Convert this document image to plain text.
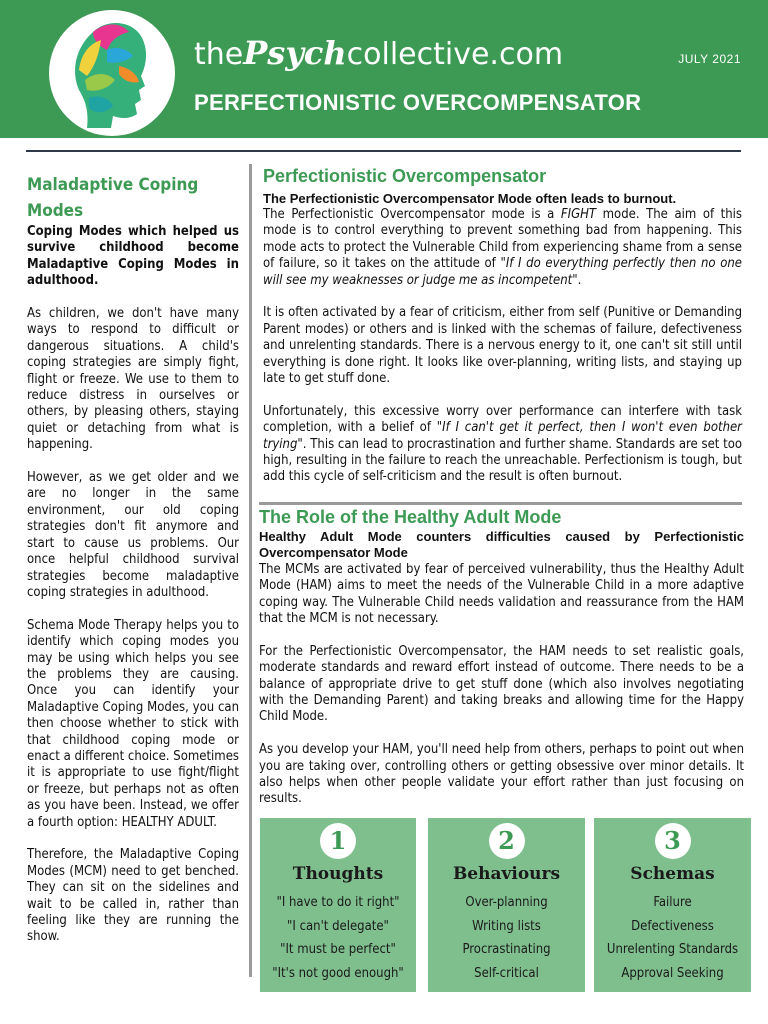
thePsychcollective.com	JULY 2021
PERFECTIONISTIC OVERCOMPENSATOR
Maladaptive Coping Modes
Coping Modes which helped us survive childhood become Maladaptive Coping Modes in adulthood.

As children, we don't have many ways to respond to difficult or dangerous situations. A child's coping strategies are simply fight, flight or freeze. We use to them to reduce distress in ourselves or others, by pleasing others, staying quiet or detaching from what is happening.

However, as we get older and we are no longer in the same environment, our old coping strategies don't fit anymore and start to cause us problems. Our once helpful childhood survival strategies become maladaptive coping strategies in adulthood.

Schema Mode Therapy helps you to identify which coping modes you may be using which helps you see the problems they are causing. Once you can identify your Maladaptive Coping Modes, you can then choose whether to stick with that childhood coping mode or enact a different choice. Sometimes it is appropriate to use fight/flight or freeze, but perhaps not as often as you have been. Instead, we offer a fourth option: HEALTHY ADULT.

Therefore, the Maladaptive Coping Modes (MCM) need to get benched. They can sit on the sidelines and wait to be called in, rather than feeling like they are running the show.

Perfectionistic Overcompensator
The Perfectionistic Overcompensator Mode often leads to burnout.

The Perfectionistic Overcompensator mode is a FIGHT mode. The aim of this mode is to control everything to prevent something bad from happening. This mode acts to protect the Vulnerable Child from experiencing shame from a sense of failure, so it takes on the attitude of "If I do everything perfectly then no one will see my weaknesses or judge me as incompetent".

It is often activated by a fear of criticism, either from self (Punitive or Demanding Parent modes) or others and is linked with the schemas of failure, defectiveness and unrelenting standards. There is a nervous energy to it, one can't sit still until everything is done right. It looks like over-planning, writing lists, and staying up late to get stuff done.

Unfortunately, this excessive worry over performance can interfere with task completion, with a belief of "If I can't get it perfect, then I won't even bother trying". This can lead to procrastination and further shame. Standards are set too high, resulting in the failure to reach the unreachable. Perfectionism is tough, but add this cycle of self-criticism and the result is often burnout.

The Role of the Healthy Adult Mode
Healthy Adult Mode counters difficulties caused by Perfectionistic Overcompensator Mode

The MCMs are activated by fear of perceived vulnerability, thus the Healthy Adult Mode (HAM) aims to meet the needs of the Vulnerable Child in a more adaptive coping way. The Vulnerable Child needs validation and reassurance from the HAM that the MCM is not necessary.

For the Perfectionistic Overcompensator, the HAM needs to set realistic goals, moderate standards and reward effort instead of outcome. There needs to be a balance of appropriate drive to get stuff done (which also involves negotiating with the Demanding Parent) and taking breaks and allowing time for the Happy Child Mode.

As you develop your HAM, you'll need help from others, perhaps to point out when you are taking over, controlling others or getting obsessive over minor details. It also helps when other people validate your effort rather than just focusing on results.

1
Thoughts
"I have to do it right"
"I can't delegate"
"It must be perfect"
"It's not good enough"
2
Behaviours
Over-planning
Writing lists
Procrastinating
Self-critical
3
Schemas
Failure
Defectiveness
Unrelenting Standards
Approval Seeking
